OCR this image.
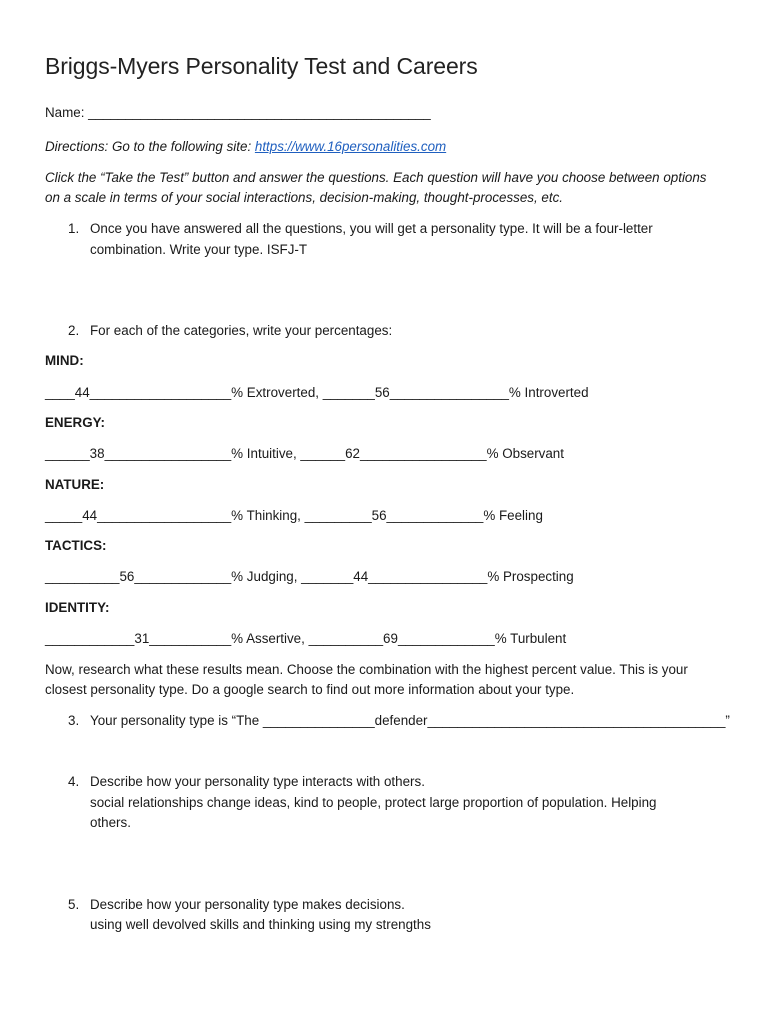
Briggs-Myers Personality Test and Careers
Name: ______________________________________________
Directions: Go to the following site: https://www.16personalities.com
Click the “Take the Test” button and answer the questions. Each question will have you choose between options
on a scale in terms of your social interactions, decision-making, thought-processes, etc.
1. Once you have answered all the questions, you will get a personality type. It will be a four-letter
combination. Write your type. ISFJ-T
2. For each of the categories, write your percentages:
MIND:
____44___________________% Extroverted, _______56________________% Introverted
ENERGY:
______38_________________% Intuitive, ______62_________________% Observant
NATURE:
_____44__________________% Thinking, _________56_____________% Feeling
TACTICS:
__________56_____________% Judging, _______44________________% Prospecting
IDENTITY:
____________31___________% Assertive, __________69_____________% Turbulent
Now, research what these results mean. Choose the combination with the highest percent value. This is your
closest personality type. Do a google search to find out more information about your type.
3. Your personality type is “The _______________defender________________________________________”
4. Describe how your personality type interacts with others.
social relationships change ideas, kind to people, protect large proportion of population. Helping
others.
5. Describe how your personality type makes decisions.
using well devolved skills and thinking using my strengths
